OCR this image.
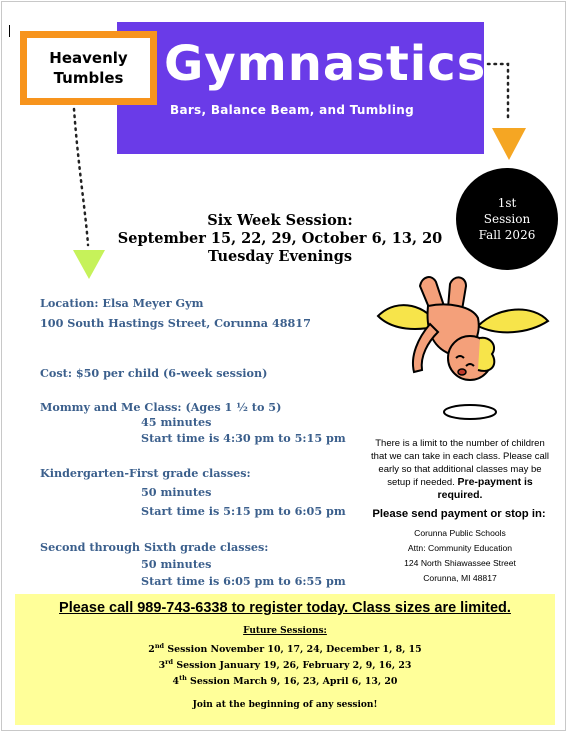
Gymnastics
Bars, Balance Beam, and Tumbling
Heavenly
Tumbles
1st
Session
Fall 2026
Six Week Session:
September 15, 22, 29, October 6, 13, 20
Tuesday Evenings
Location: Elsa Meyer Gym
100 South Hastings Street, Corunna 48817
Cost: $50 per child (6-week session)
Mommy and Me Class: (Ages 1 ½ to 5)
45 minutes
Start time is 4:30 pm to 5:15 pm
Kindergarten-First grade classes:
50 minutes
Start time is 5:15 pm to 6:05 pm
Second through Sixth grade classes:
50 minutes
Start time is 6:05 pm to 6:55 pm
There is a limit to the number of children
that we can take in each class. Please call
early so that additional classes may be
setup if needed. Pre-payment is
required.
Please send payment or stop in:
Corunna Public Schools
Attn: Community Education
124 North Shiawassee Street
Corunna, MI 48817
Please call 989-743-6338 to register today. Class sizes are limited.
Future Sessions:
2nd Session November 10, 17, 24, December 1, 8, 15
3rd Session January 19, 26, February 2, 9, 16, 23
4th Session March 9, 16, 23, April 6, 13, 20
Join at the beginning of any session!
